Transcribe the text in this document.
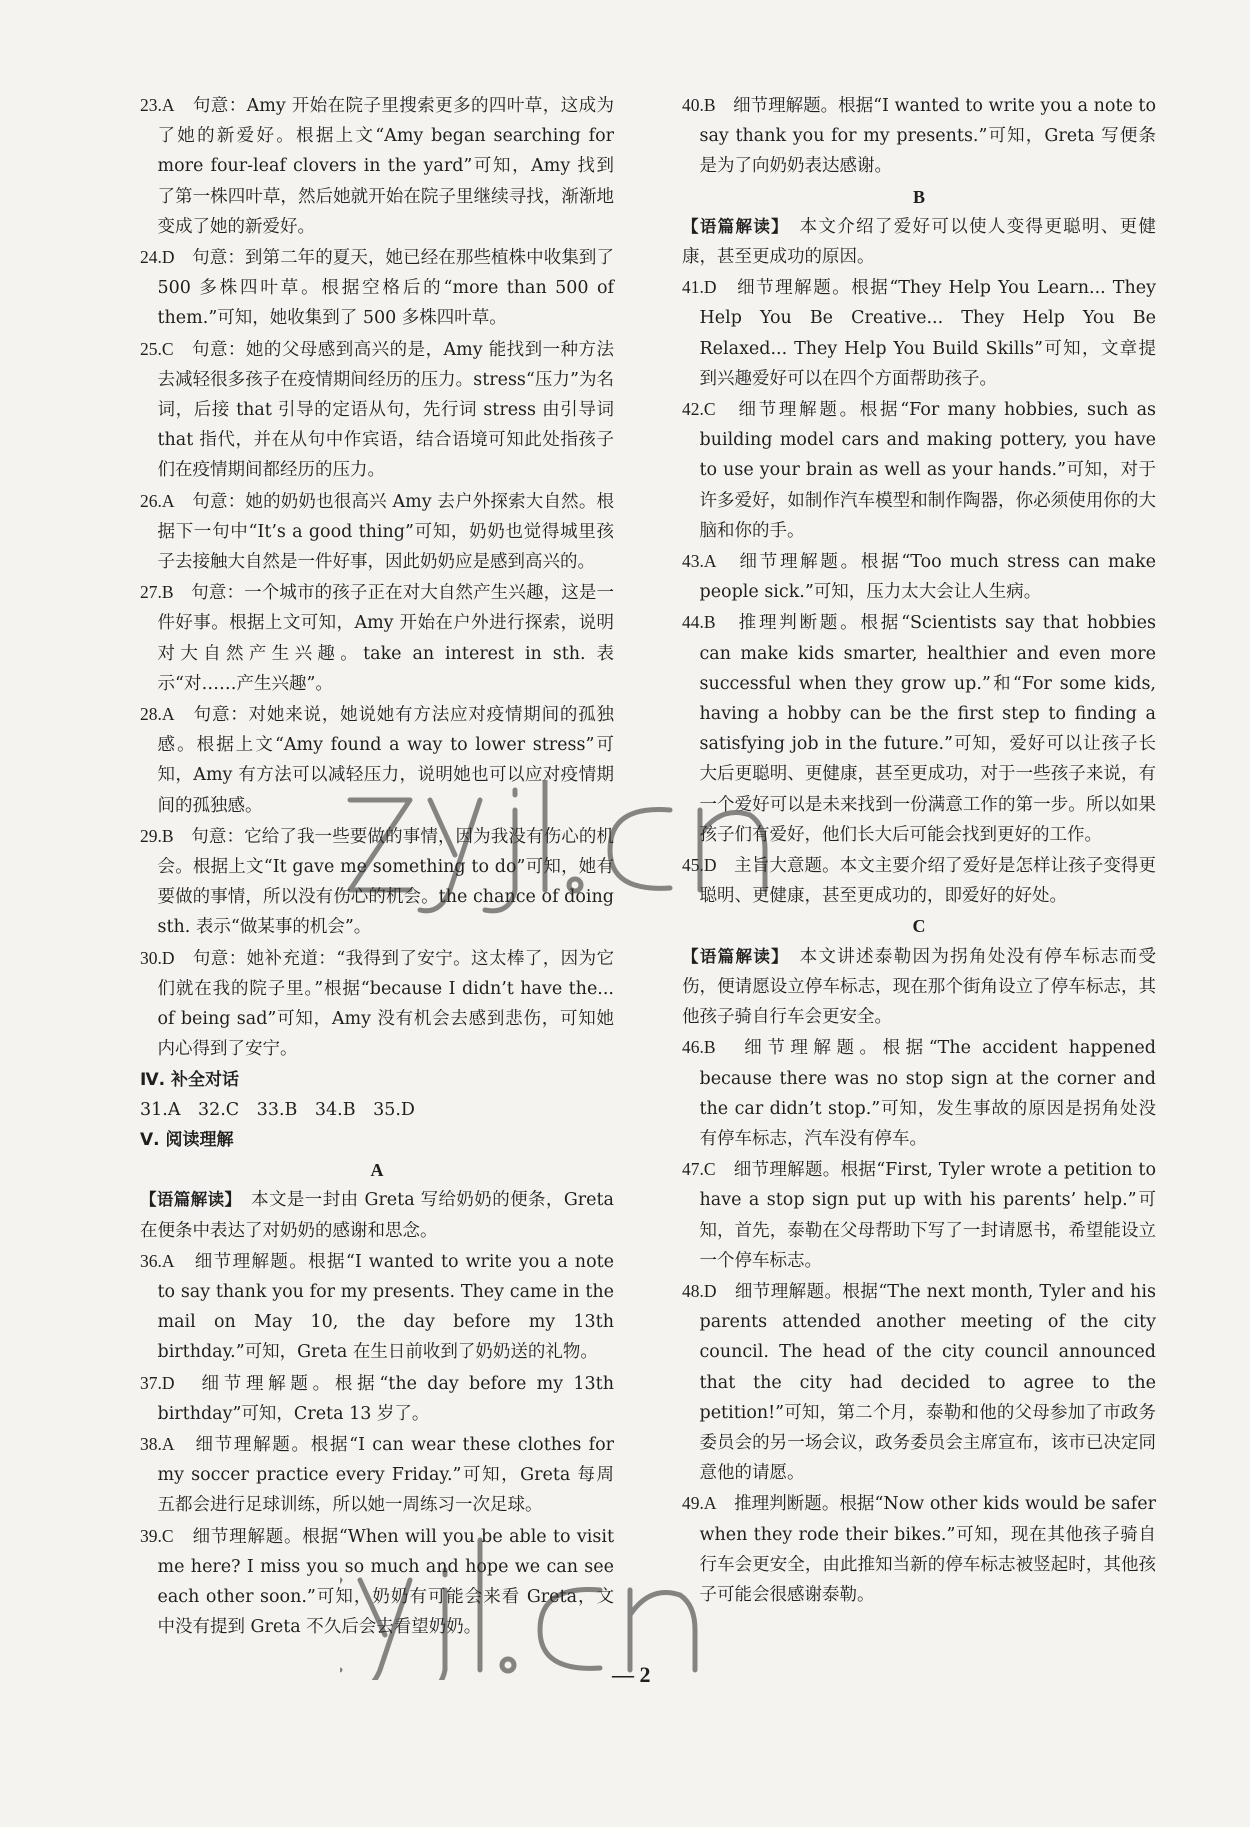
23.A　句意：Amy 开始在院子里搜索更多的四叶草，这成为了她的新爱好。根据上文“Amy began searching for more four-leaf clovers in the yard”可知，Amy 找到了第一株四叶草，然后她就开始在院子里继续寻找，渐渐地变成了她的新爱好。

24.D　句意：到第二年的夏天，她已经在那些植株中收集到了 500 多株四叶草。根据空格后的“more than 500 of them.”可知，她收集到了 500 多株四叶草。

25.C　句意：她的父母感到高兴的是，Amy 能找到一种方法去减轻很多孩子在疫情期间经历的压力。stress“压力”为名词，后接 that 引导的定语从句，先行词 stress 由引导词 that 指代，并在从句中作宾语，结合语境可知此处指孩子们在疫情期间都经历的压力。

26.A　句意：她的奶奶也很高兴 Amy 去户外探索大自然。根据下一句中“It’s a good thing”可知，奶奶也觉得城里孩子去接触大自然是一件好事，因此奶奶应是感到高兴的。

27.B　句意：一个城市的孩子正在对大自然产生兴趣，这是一件好事。根据上文可知，Amy 开始在户外进行探索，说明对大自然产生兴趣。take an interest in sth. 表示“对……产生兴趣”。

28.A　句意：对她来说，她说她有方法应对疫情期间的孤独感。根据上文“Amy found a way to lower stress”可知，Amy 有方法可以减轻压力，说明她也可以应对疫情期间的孤独感。

29.B　句意：它给了我一些要做的事情，因为我没有伤心的机会。根据上文“It gave me something to do”可知，她有要做的事情，所以没有伤心的机会。the chance of doing sth. 表示“做某事的机会”。

30.D　句意：她补充道：“我得到了安宁。这太棒了，因为它们就在我的院子里。”根据“because I didn’t have the... of being sad”可知，Amy 没有机会去感到悲伤，可知她内心得到了安宁。

Ⅳ. 补全对话

31.A　32.C　33.B　34.B　35.D

Ⅴ. 阅读理解

A

【语篇解读】　本文是一封由 Greta 写给奶奶的便条，Greta 在便条中表达了对奶奶的感谢和思念。

36.A　细节理解题。根据“I wanted to write you a note to say thank you for my presents. They came in the mail on May 10, the day before my 13th birthday.”可知，Greta 在生日前收到了奶奶送的礼物。

37.D　细节理解题。根据“the day before my 13th birthday”可知，Creta 13 岁了。

38.A　细节理解题。根据“I can wear these clothes for my soccer practice every Friday.”可知，Greta 每周五都会进行足球训练，所以她一周练习一次足球。

39.C　细节理解题。根据“When will you be able to visit me here? I miss you so much and hope we can see each other soon.”可知，奶奶有可能会来看 Greta，文中没有提到 Greta 不久后会去看望奶奶。

40.B　细节理解题。根据“I wanted to write you a note to say thank you for my presents.”可知，Greta 写便条是为了向奶奶表达感谢。

B

【语篇解读】　本文介绍了爱好可以使人变得更聪明、更健康，甚至更成功的原因。

41.D　细节理解题。根据“They Help You Learn... They Help You Be Creative... They Help You Be Relaxed... They Help You Build Skills”可知，文章提到兴趣爱好可以在四个方面帮助孩子。

42.C　细节理解题。根据“For many hobbies, such as building model cars and making pottery, you have to use your brain as well as your hands.”可知，对于许多爱好，如制作汽车模型和制作陶器，你必须使用你的大脑和你的手。

43.A　细节理解题。根据“Too much stress can make people sick.”可知，压力太大会让人生病。

44.B　推理判断题。根据“Scientists say that hobbies can make kids smarter, healthier and even more successful when they grow up.”和“For some kids, having a hobby can be the first step to finding a satisfying job in the future.”可知，爱好可以让孩子长大后更聪明、更健康，甚至更成功，对于一些孩子来说，有一个爱好可以是未来找到一份满意工作的第一步。所以如果孩子们有爱好，他们长大后可能会找到更好的工作。

45.D　主旨大意题。本文主要介绍了爱好是怎样让孩子变得更聪明、更健康，甚至更成功的，即爱好的好处。

C

【语篇解读】　本文讲述泰勒因为拐角处没有停车标志而受伤，便请愿设立停车标志，现在那个街角设立了停车标志，其他孩子骑自行车会更安全。

46.B　细节理解题。根据“The accident happened because there was no stop sign at the corner and the car didn’t stop.”可知，发生事故的原因是拐角处没有停车标志，汽车没有停车。

47.C　细节理解题。根据“First, Tyler wrote a petition to have a stop sign put up with his parents’ help.”可知，首先，泰勒在父母帮助下写了一封请愿书，希望能设立一个停车标志。

48.D　细节理解题。根据“The next month, Tyler and his parents attended another meeting of the city council. The head of the city council announced that the city had decided to agree to the petition!”可知，第二个月，泰勒和他的父母参加了市政务委员会的另一场会议，政务委员会主席宣布，该市已决定同意他的请愿。

49.A　推理判断题。根据“Now other kids would be safer when they rode their bikes.”可知，现在其他孩子骑自行车会更安全，由此推知当新的停车标志被竖起时，其他孩子可能会很感谢泰勒。

— 2
